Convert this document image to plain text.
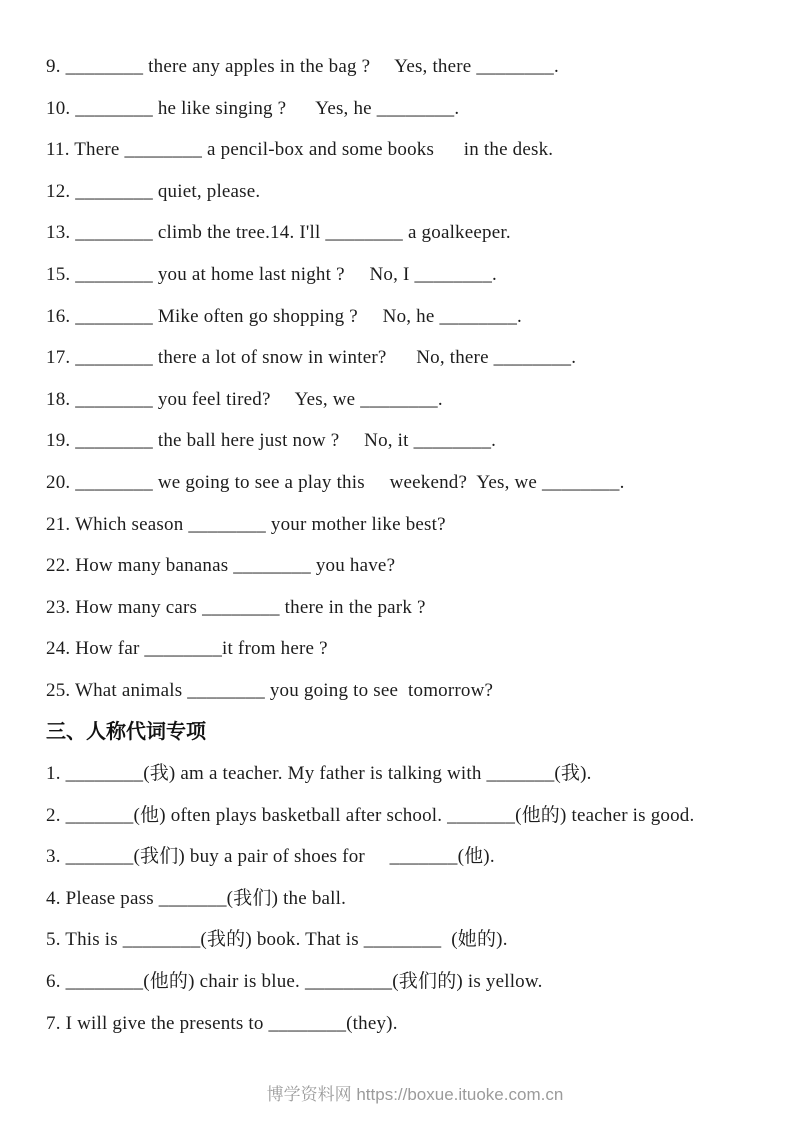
9. ________ there any apples in the bag ?     Yes, there ________.
10. ________ he like singing ?      Yes, he ________.
11. There ________ a pencil-box and some books      in the desk.
12. ________ quiet, please.
13. ________ climb the tree.14. I'll ________ a goalkeeper.
15. ________ you at home last night ?     No, I ________.
16. ________ Mike often go shopping ?     No, he ________.
17. ________ there a lot of snow in winter?      No, there ________.
18. ________ you feel tired?     Yes, we ________.
19. ________ the ball here just now ?     No, it ________.
20. ________ we going to see a play this     weekend?  Yes, we ________.
21. Which season ________ your mother like best?
22. How many bananas ________ you have?
23. How many cars ________ there in the park ?
24. How far ________it from here ?
25. What animals ________ you going to see  tomorrow?
三、人称代词专项
1. ________(我) am a teacher. My father is talking with _______(我).
2. _______(他) often plays basketball after school. _______(他的) teacher is good.
3. _______(我们) buy a pair of shoes for     _______(他).
4. Please pass _______(我们) the ball.
5. This is ________(我的) book. That is ________  (她的).
6. ________(他的) chair is blue. _________(我们的) is yellow.
7. I will give the presents to ________(they).

博学资料网 https://boxue.ituoke.com.cn
